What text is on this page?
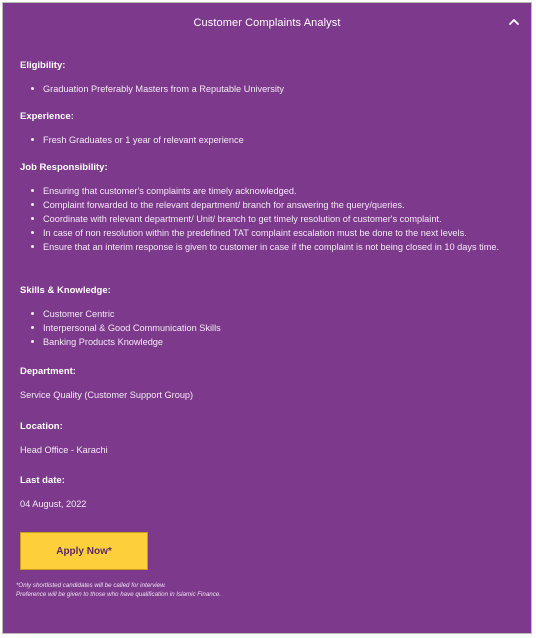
Customer Complaints Analyst
Eligibility:
Graduation Preferably Masters from a Reputable University
Experience:
Fresh Graduates or 1 year of relevant experience
Job Responsibility:
Ensuring that customer's complaints are timely acknowledged.
Complaint forwarded to the relevant department/ branch for answering the query/queries.
Coordinate with relevant department/ Unit/ branch to get timely resolution of customer's complaint.
In case of non resolution within the predefined TAT complaint escalation must be done to the next levels.
Ensure that an interim response is given to customer in case if the complaint is not being closed in 10 days time.
Skills & Knowledge:
Customer Centric
Interpersonal & Good Communication Skills
Banking Products Knowledge
Department:
Service Quality (Customer Support Group)
Location:
Head Office - Karachi
Last date:
04 August, 2022
Apply Now*
*Only shortlisted candidates will be called for interview.
Preference will be given to those who have qualification in Islamic Finance.
